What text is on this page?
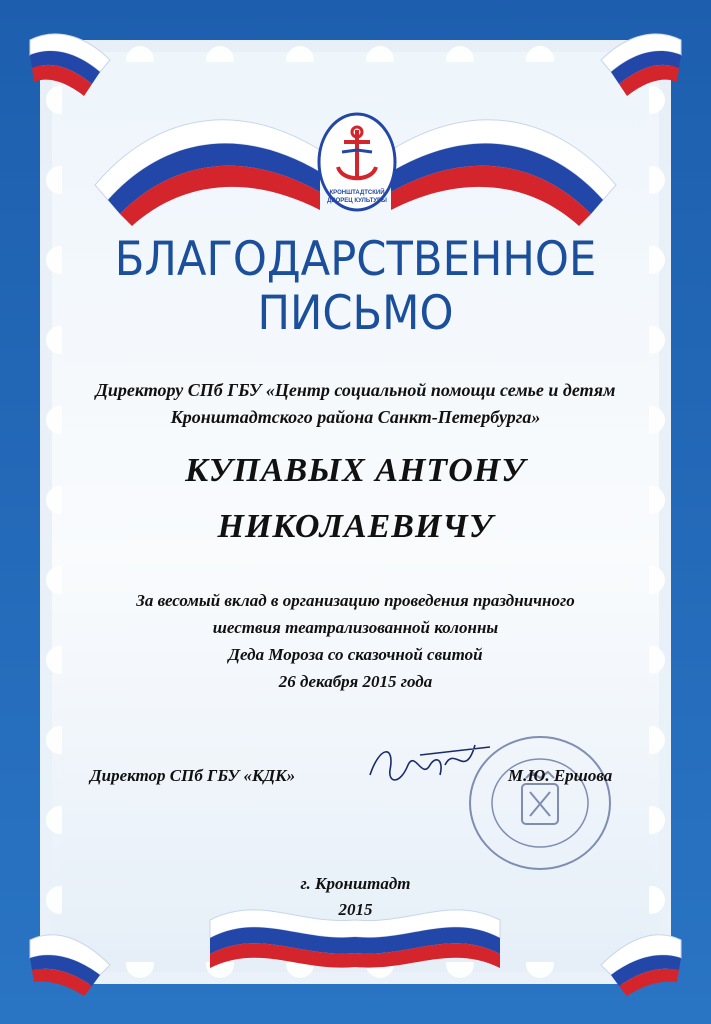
КРОНШТАДТСКИЙ
ДВОРЕЦ КУЛЬТУРЫ
БЛАГОДАРСТВЕННОЕ
ПИСЬМО

Директору СПб ГБУ «Центр социальной помощи семье и детям

Кронштадтского района Санкт-Петербурга»

КУПАВЫХ АНТОНУ

НИКОЛАЕВИЧУ

За весомый вклад в организацию проведения праздничного

шествия театрализованной колонны

Деда Мороза со сказочной свитой

26 декабря 2015 года

Директор СПб ГБУ «КДК»	М.Ю. Ершова

г. Кронштадт

2015
